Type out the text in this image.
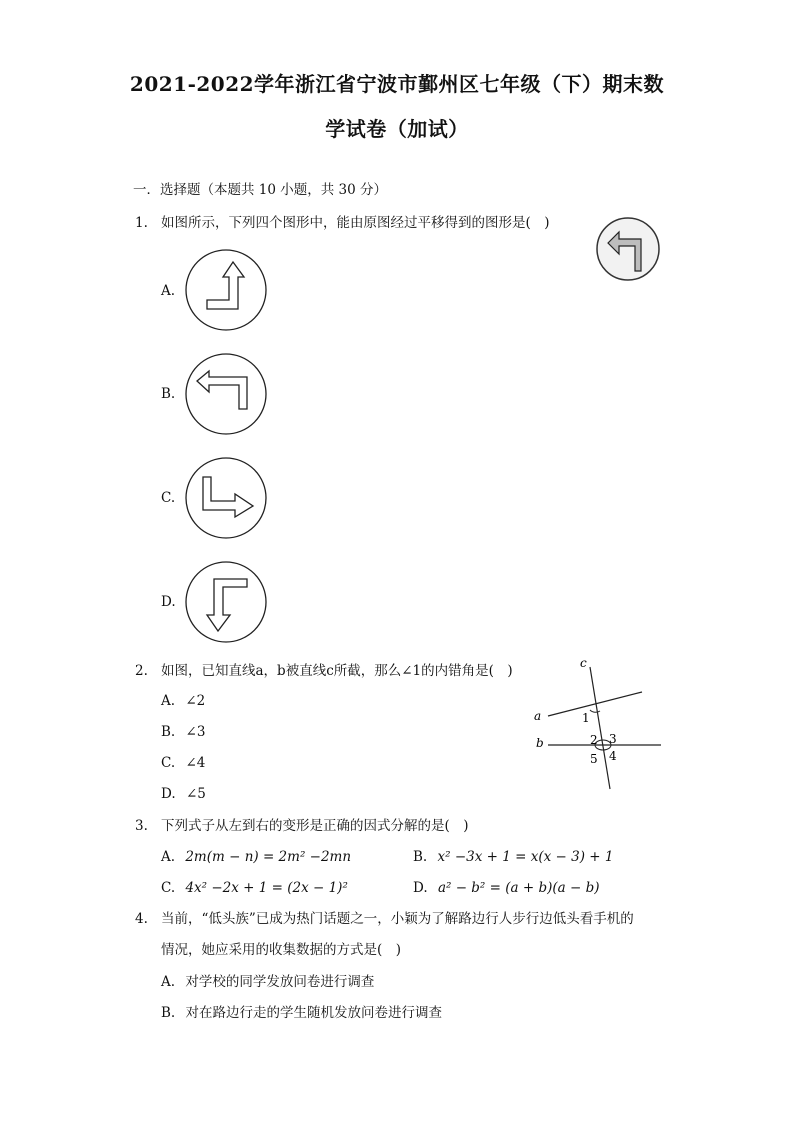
2021-2022学年浙江省宁波市鄞州区七年级（下）期末数
学试卷（加试）
一．选择题（本题共 10 小题，共 30 分）
1. 如图所示，下列四个图形中，能由原图经过平移得到的图形是(　)
A.
B.
C.
D.
2. 如图，已知直线a，b被直线c所截，那么∠1的内错角是(　)
A. ∠2
B. ∠3
C. ∠4
D. ∠5
c
a
b
1
2 3
4
5
3. 下列式子从左到右的变形是正确的因式分解的是(　)
A. 2m(m − n) = 2m² −2mn	B. x² −3x + 1 = x(x − 3) + 1
C. 4x² −2x + 1 = (2x − 1)²	D. a² − b² = (a + b)(a − b)
4. 当前，“低头族”已成为热门话题之一，小颖为了解路边行人步行边低头看手机的
情况，她应采用的收集数据的方式是(　)
A. 对学校的同学发放问卷进行调查
B. 对在路边行走的学生随机发放问卷进行调查
